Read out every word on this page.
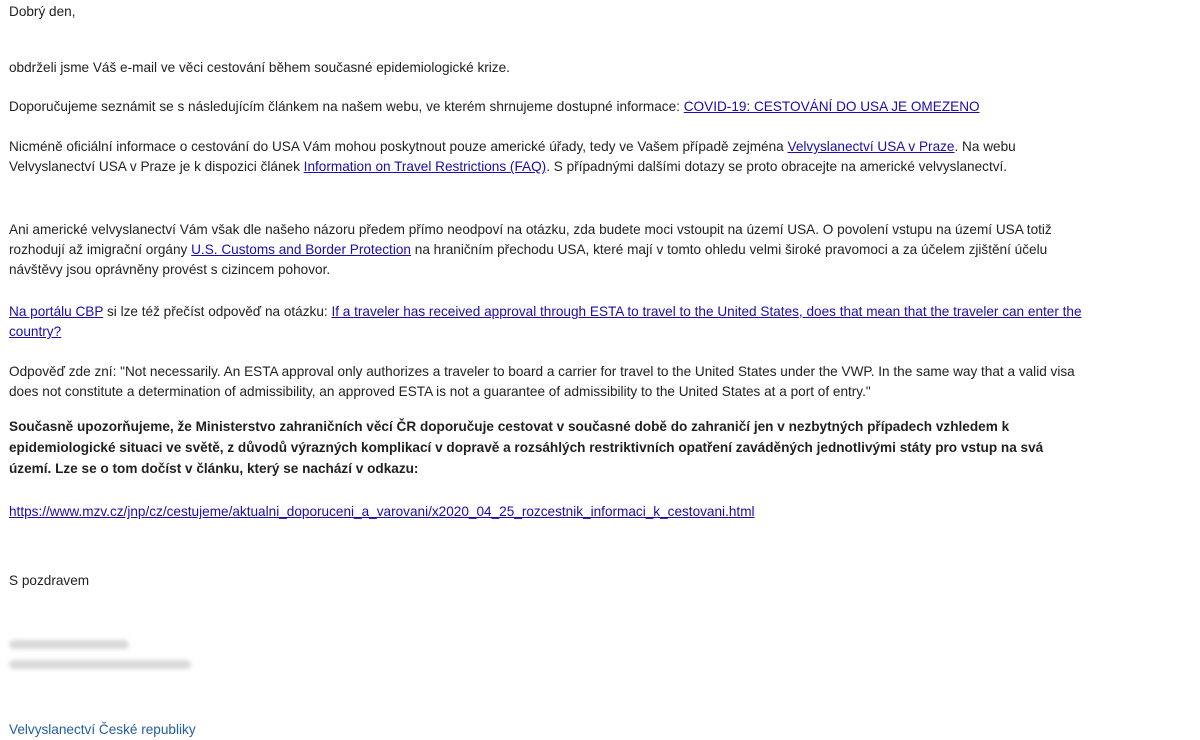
Dobrý den,

obdrželi jsme Váš e-mail ve věci cestování během současné epidemiologické krize.

Doporučujeme seznámit se s následujícím článkem na našem webu, ve kterém shrnujeme dostupné informace: COVID-19: CESTOVÁNÍ DO USA JE OMEZENO

Nicméně oficiální informace o cestování do USA Vám mohou poskytnout pouze americké úřady, tedy ve Vašem případě zejména Velvyslanectví USA v Praze. Na webu
Velvyslanectví USA v Praze je k dispozici článek Information on Travel Restrictions (FAQ). S případnými dalšími dotazy se proto obracejte na americké velvyslanectví.
Ani americké velvyslanectví Vám však dle našeho názoru předem přímo neodpoví na otázku, zda budete moci vstoupit na území USA. O povolení vstupu na území USA totiž
rozhodují až imigrační orgány U.S. Customs and Border Protection na hraničním přechodu USA, které mají v tomto ohledu velmi široké pravomoci a za účelem zjištění účelu
návštěvy jsou oprávněny provést s cizincem pohovor.
Na portálu CBP si lze též přečíst odpověď na otázku: If a traveler has received approval through ESTA to travel to the United States, does that mean that the traveler can enter the
country?
Odpověď zde zní: "Not necessarily. An ESTA approval only authorizes a traveler to board a carrier for travel to the United States under the VWP. In the same way that a valid visa
does not constitute a determination of admissibility, an approved ESTA is not a guarantee of admissibility to the United States at a port of entry."
Současně upozorňujeme, že Ministerstvo zahraničních věcí ČR doporučuje cestovat v současné době do zahraničí jen v nezbytných případech vzhledem k
epidemiologické situaci ve světě, z důvodů výrazných komplikací v dopravě a rozsáhlých restriktivních opatření zaváděných jednotlivými státy pro vstup na svá
území. Lze se o tom dočíst v článku, který se nachází v odkazu:

https://www.mzv.cz/jnp/cz/cestujeme/aktualni_doporuceni_a_varovani/x2020_04_25_rozcestnik_informaci_k_cestovani.html

S pozdravem

Velvyslanectví České republiky
